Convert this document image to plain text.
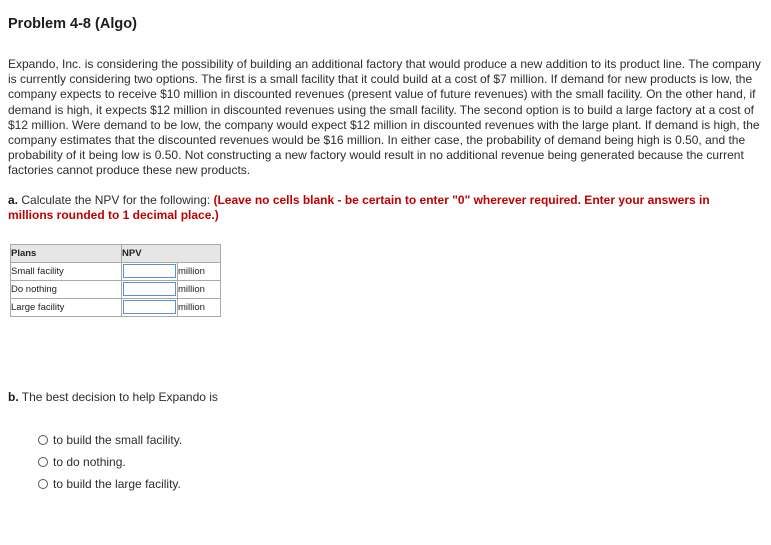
Problem 4-8 (Algo)
Expando, Inc. is considering the possibility of building an additional factory that would produce a new addition to its product line. The company is currently considering two options. The first is a small facility that it could build at a cost of $7 million. If demand for new products is low, the company expects to receive $10 million in discounted revenues (present value of future revenues) with the small facility. On the other hand, if demand is high, it expects $12 million in discounted revenues using the small facility. The second option is to build a large factory at a cost of $12 million. Were demand to be low, the company would expect $12 million in discounted revenues with the large plant. If demand is high, the company estimates that the discounted revenues would be $16 million. In either case, the probability of demand being high is 0.50, and the probability of it being low is 0.50. Not constructing a new factory would result in no additional revenue being generated because the current factories cannot produce these new products.
a. Calculate the NPV for the following: (Leave no cells blank - be certain to enter "0" wherever required. Enter your answers in millions rounded to 1 decimal place.)
Plans	NPV	
Small facility		million
Do nothing		million
Large facility		million
b. The best decision to help Expando is
to build the small facility.
to do nothing.
to build the large facility.
